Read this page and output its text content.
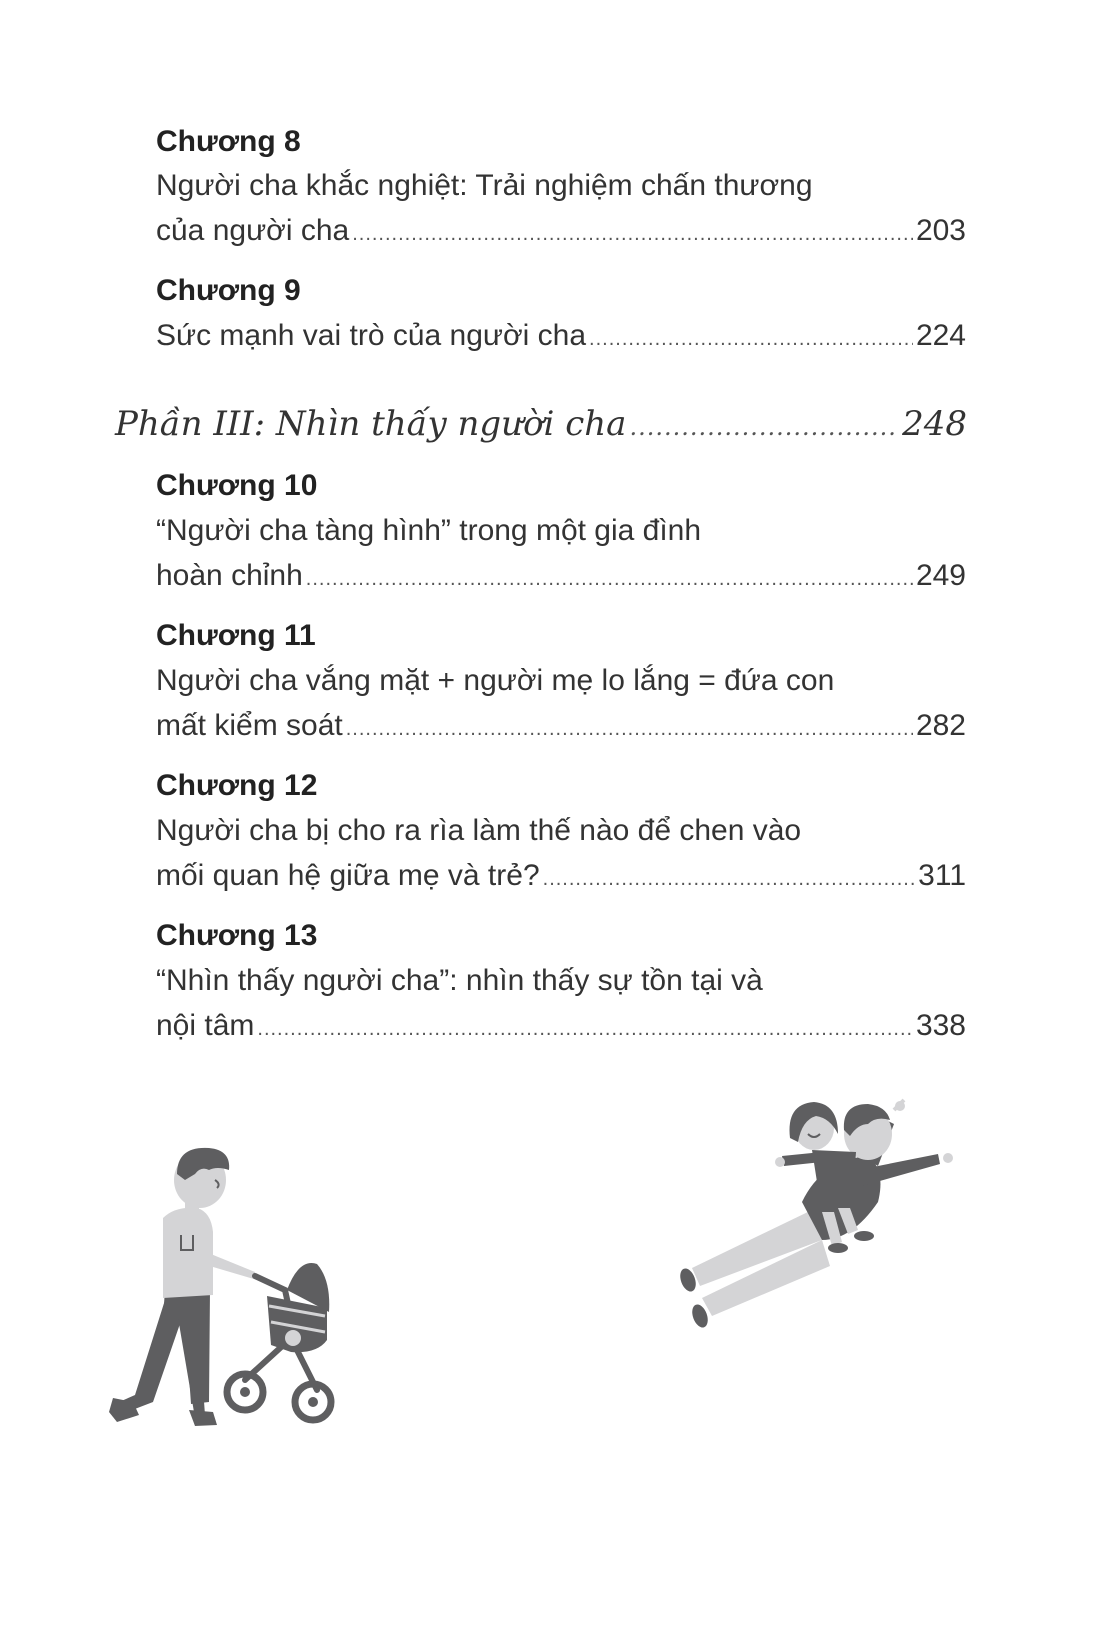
Chương 8
Người cha khắc nghiệt: Trải nghiệm chấn thương
của người cha .....	203
Chương 9
Sức mạnh vai trò của người cha .....	224
Phần III: Nhìn thấy người cha .....	248
Chương 10
“Người cha tàng hình” trong một gia đình
hoàn chỉnh .....	249
Chương 11
Người cha vắng mặt + người mẹ lo lắng = đứa con
mất kiểm soát .....	282
Chương 12
Người cha bị cho ra rìa làm thế nào để chen vào
mối quan hệ giữa mẹ và trẻ? .....	311
Chương 13
“Nhìn thấy người cha”: nhìn thấy sự tồn tại và
nội tâm .....	338
